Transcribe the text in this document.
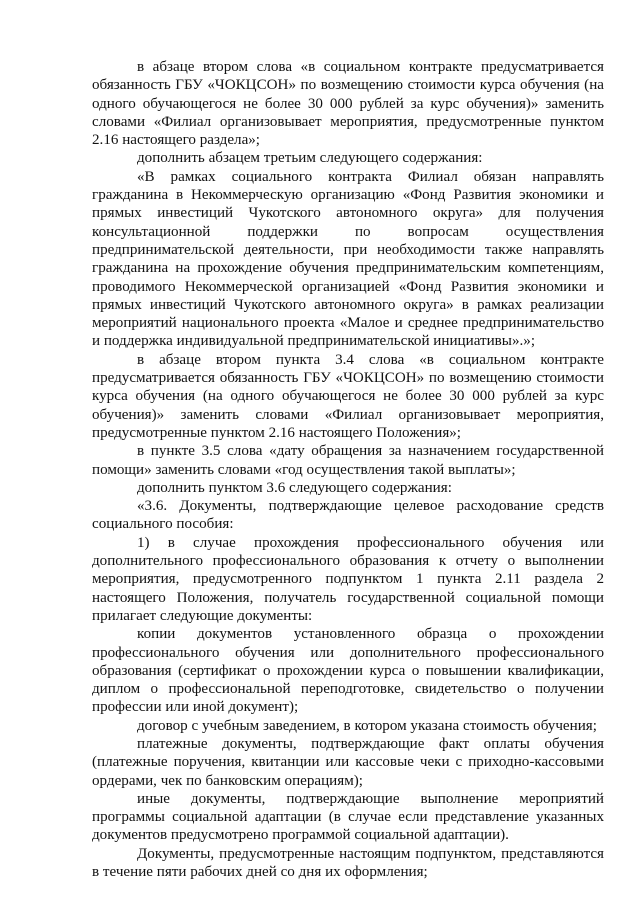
в абзаце втором слова «в социальном контракте предусматривается обязанность ГБУ «ЧОКЦСОН» по возмещению стоимости курса обучения (на одного обучающегося не более 30 000 рублей за курс обучения)» заменить словами «Филиал организовывает мероприятия, предусмотренные пунктом 2.16 настоящего раздела»;

дополнить абзацем третьим следующего содержания:

«В рамках социального контракта Филиал обязан направлять гражданина в Некоммерческую организацию «Фонд Развития экономики и прямых инвестиций Чукотского автономного округа» для получения консультационной поддержки по вопросам осуществления предпринимательской деятельности, при необходимости также направлять гражданина на прохождение обучения предпринимательским компетенциям, проводимого Некоммерческой организацией «Фонд Развития экономики и прямых инвестиций Чукотского автономного округа» в рамках реализации мероприятий национального проекта «Малое и среднее предпринимательство и поддержка индивидуальной предпринимательской инициативы».»;

в абзаце втором пункта 3.4 слова «в социальном контракте предусматривается обязанность ГБУ «ЧОКЦСОН» по возмещению стоимости курса обучения (на одного обучающегося не более 30 000 рублей за курс обучения)» заменить словами «Филиал организовывает мероприятия, предусмотренные пунктом 2.16 настоящего Положения»;

в пункте 3.5 слова «дату обращения за назначением государственной помощи» заменить словами «год осуществления такой выплаты»;

дополнить пунктом 3.6 следующего содержания:

«3.6. Документы, подтверждающие целевое расходование средств социального пособия:

1) в случае прохождения профессионального обучения или дополнительного профессионального образования к отчету о выполнении мероприятия, предусмотренного подпунктом 1 пункта 2.11 раздела 2 настоящего Положения, получатель государственной социальной помощи прилагает следующие документы:

копии документов установленного образца о прохождении профессионального обучения или дополнительного профессионального образования (сертификат о прохождении курса о повышении квалификации, диплом о профессиональной переподготовке, свидетельство о получении профессии или иной документ);

договор с учебным заведением, в котором указана стоимость обучения;

платежные документы, подтверждающие факт оплаты обучения (платежные поручения, квитанции или кассовые чеки с приходно-кассовыми ордерами, чек по банковским операциям);

иные документы, подтверждающие выполнение мероприятий программы социальной адаптации (в случае если представление указанных документов предусмотрено программой социальной адаптации).

Документы, предусмотренные настоящим подпунктом, представляются в течение пяти рабочих дней со дня их оформления;
